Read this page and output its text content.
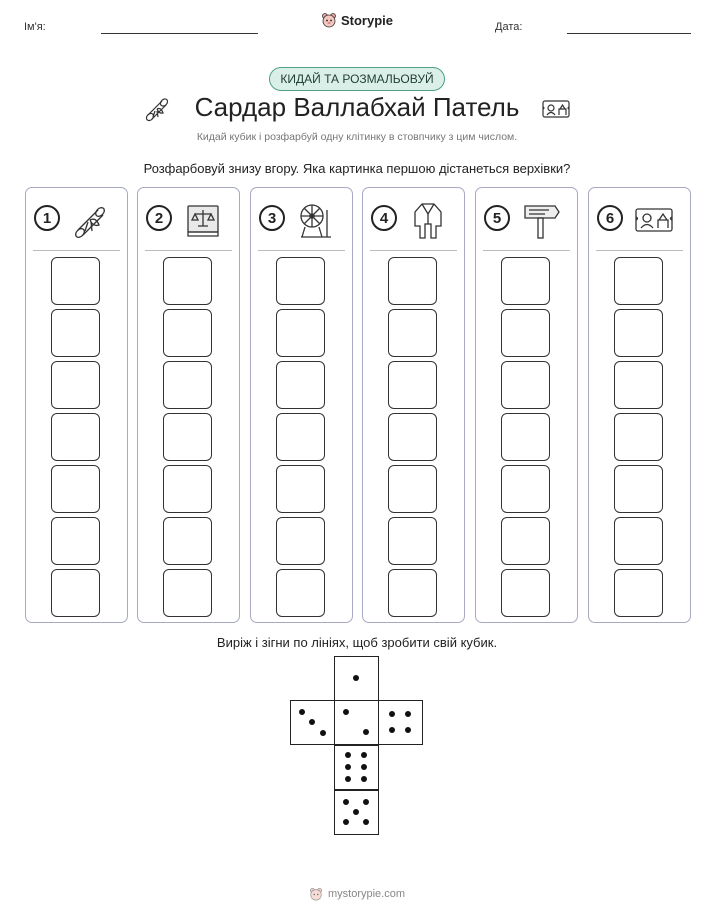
Ім'я:	Storypie	Дата:
КИДАЙ ТА РОЗМАЛЬОВУЙ
Сардар Валлабхай Патель
Кидай кубик і розфарбуй одну клітинку в стовпчику з цим числом.
Розфарбовуй знизу вгору. Яка картинка першою дістанеться верхівки?
1	2	3	4	5	6
Виріж і зігни по лініях, щоб зробити свій кубик.
mystorypie.com
